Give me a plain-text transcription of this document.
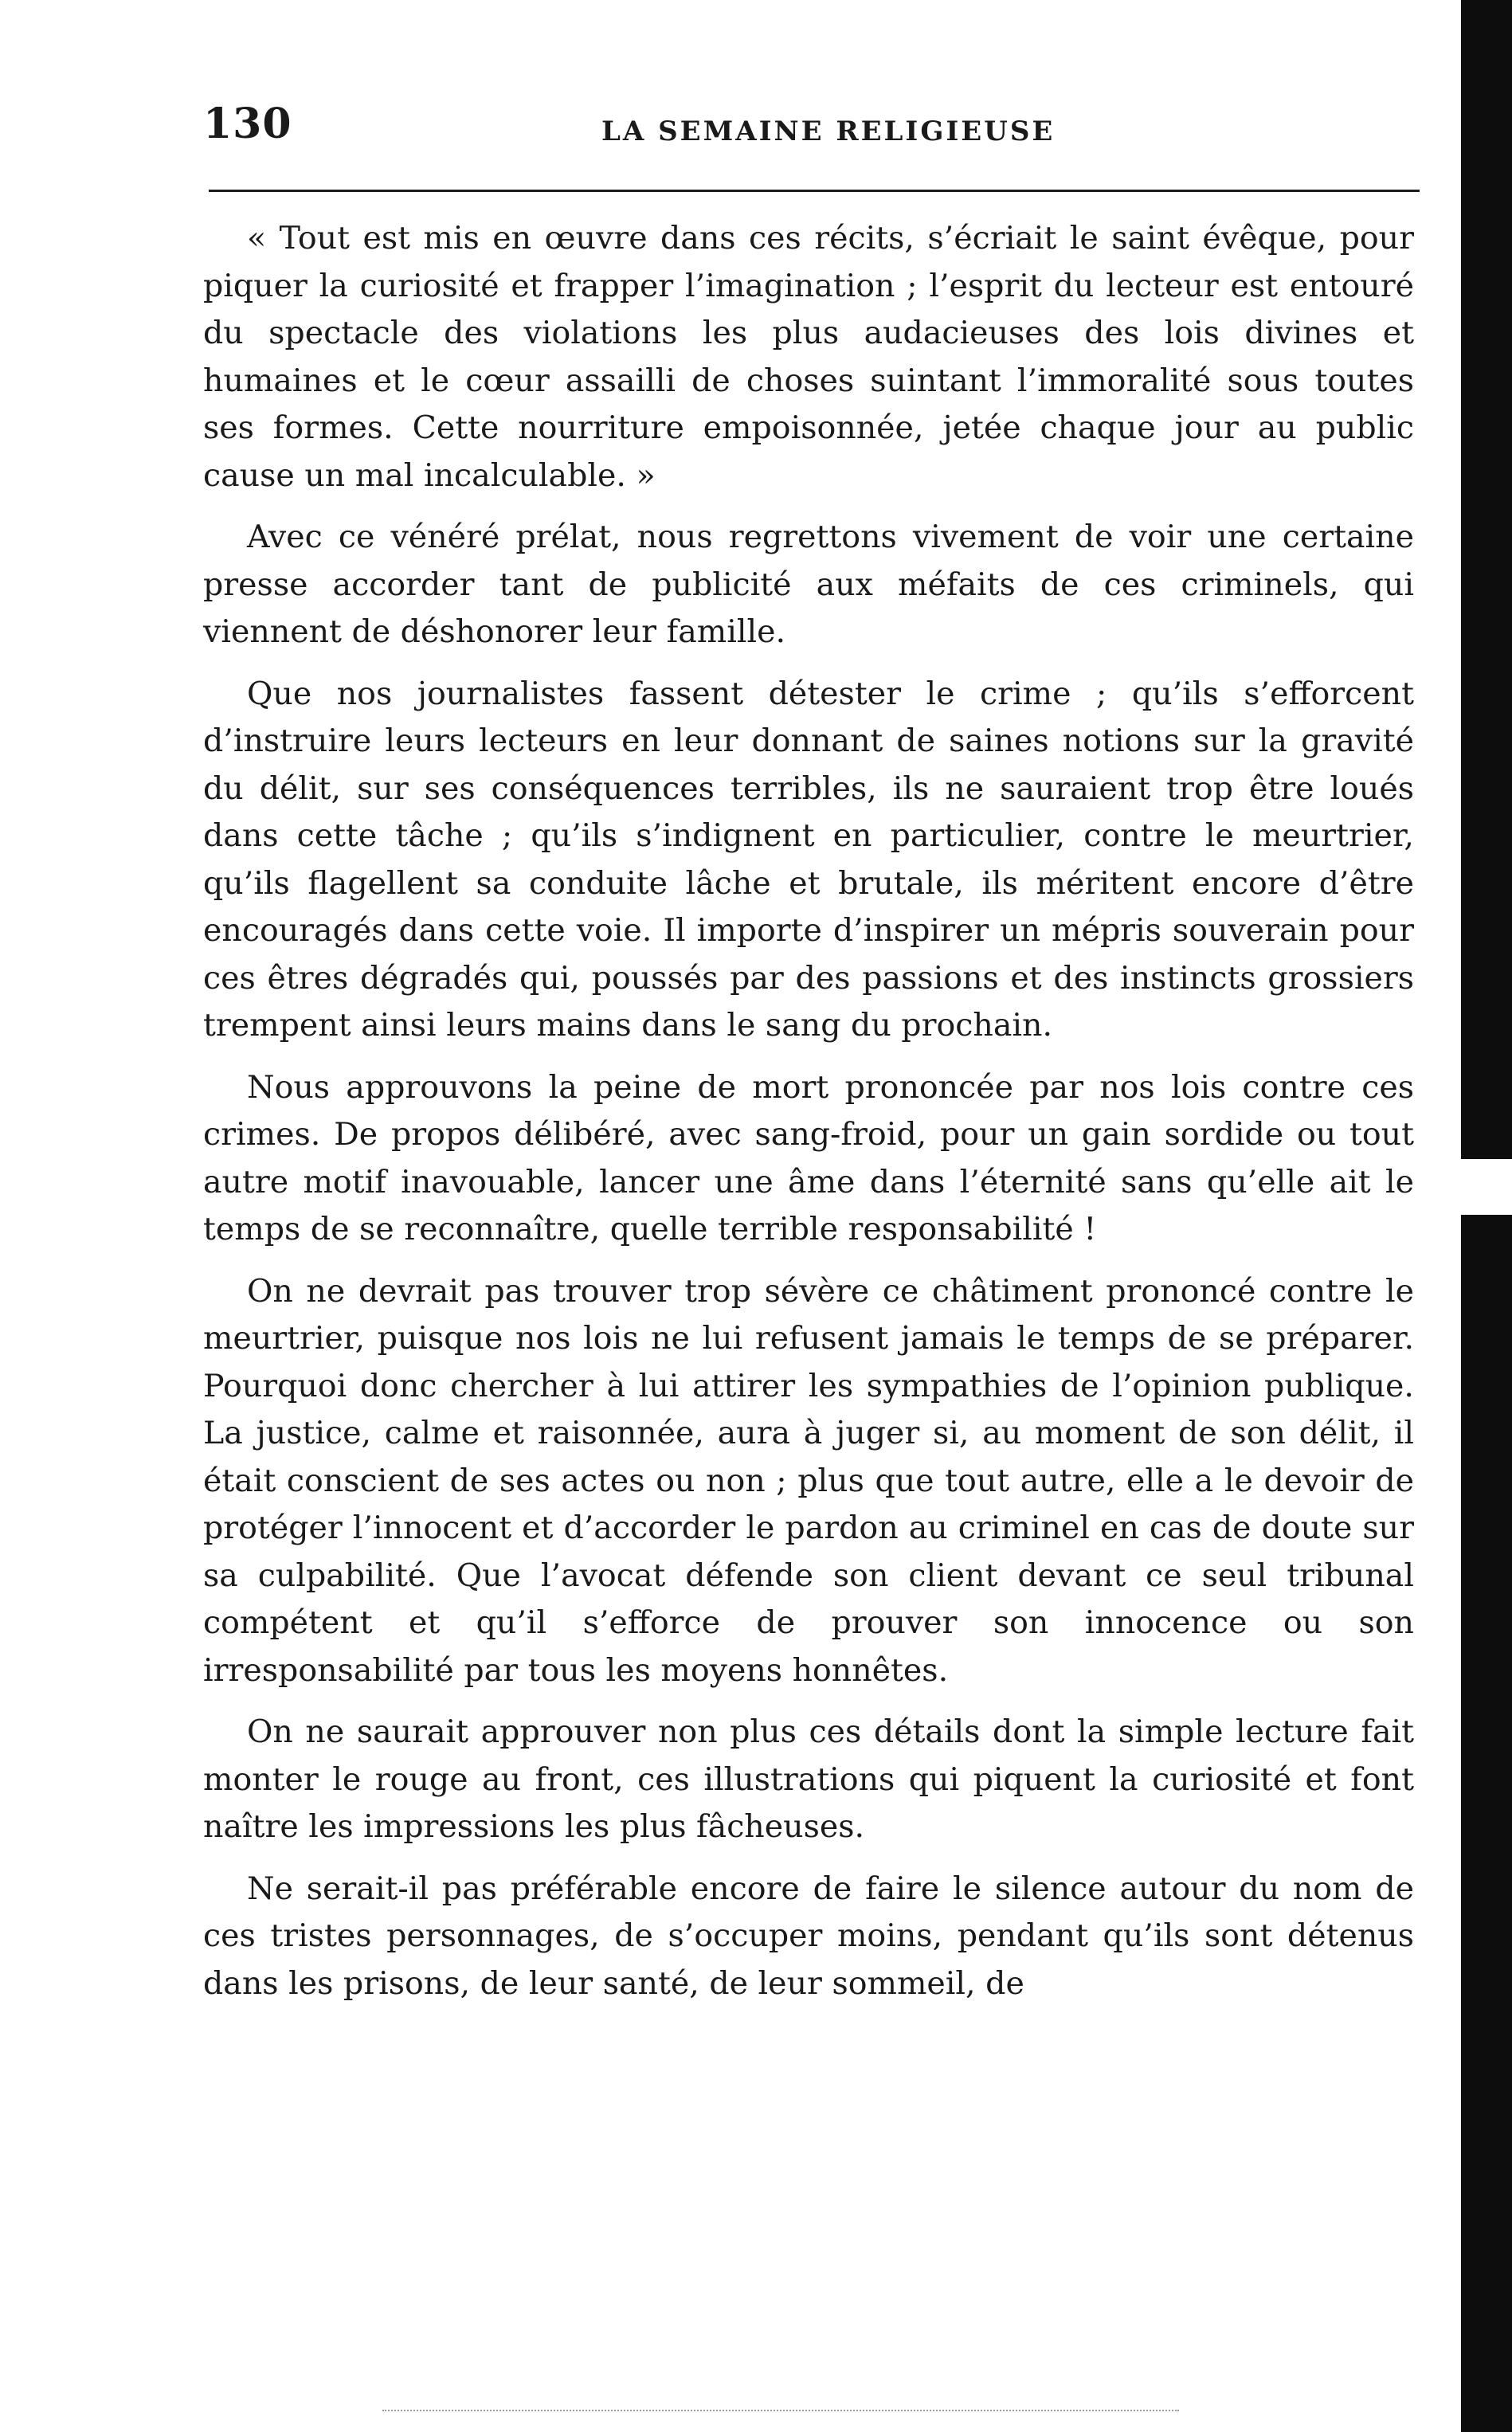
130	LA SEMAINE RELIGIEUSE

« Tout est mis en œuvre dans ces récits, s’écriait le saint évêque, pour piquer la curiosité et frapper l’imagination ; l’esprit du lecteur est entouré du spectacle des violations les plus audacieuses des lois divines et humaines et le cœur assailli de choses suintant l’immoralité sous toutes ses formes. Cette nourriture empoisonnée, jetée chaque jour au public cause un mal incalculable. »

Avec ce vénéré prélat, nous regrettons vivement de voir une certaine presse accorder tant de publicité aux méfaits de ces criminels, qui viennent de déshonorer leur famille.

Que nos journalistes fassent détester le crime ; qu’ils s’efforcent d’instruire leurs lecteurs en leur donnant de saines notions sur la gravité du délit, sur ses conséquences terribles, ils ne sauraient trop être loués dans cette tâche ; qu’ils s’indignent en particulier, contre le meurtrier, qu’ils flagellent sa conduite lâche et brutale, ils méritent encore d’être encouragés dans cette voie. Il importe d’inspirer un mépris souverain pour ces êtres dégradés qui, poussés par des passions et des instincts grossiers trempent ainsi leurs mains dans le sang du prochain.

Nous approuvons la peine de mort prononcée par nos lois contre ces crimes. De propos délibéré, avec sang-froid, pour un gain sordide ou tout autre motif inavouable, lancer une âme dans l’éternité sans qu’elle ait le temps de se reconnaître, quelle terrible responsabilité !

On ne devrait pas trouver trop sévère ce châtiment prononcé contre le meurtrier, puisque nos lois ne lui refusent jamais le temps de se préparer. Pourquoi donc chercher à lui attirer les sympathies de l’opinion publique. La justice, calme et raisonnée, aura à juger si, au moment de son délit, il était conscient de ses actes ou non ; plus que tout autre, elle a le devoir de protéger l’innocent et d’accorder le pardon au criminel en cas de doute sur sa culpabilité. Que l’avocat défende son client devant ce seul tribunal compétent et qu’il s’efforce de prouver son innocence ou son irresponsabilité par tous les moyens honnêtes.

On ne saurait approuver non plus ces détails dont la simple lecture fait monter le rouge au front, ces illustrations qui piquent la curiosité et font naître les impressions les plus fâcheuses.

Ne serait-il pas préférable encore de faire le silence autour du nom de ces tristes personnages, de s’occuper moins, pendant qu’ils sont détenus dans les prisons, de leur santé, de leur sommeil, de
